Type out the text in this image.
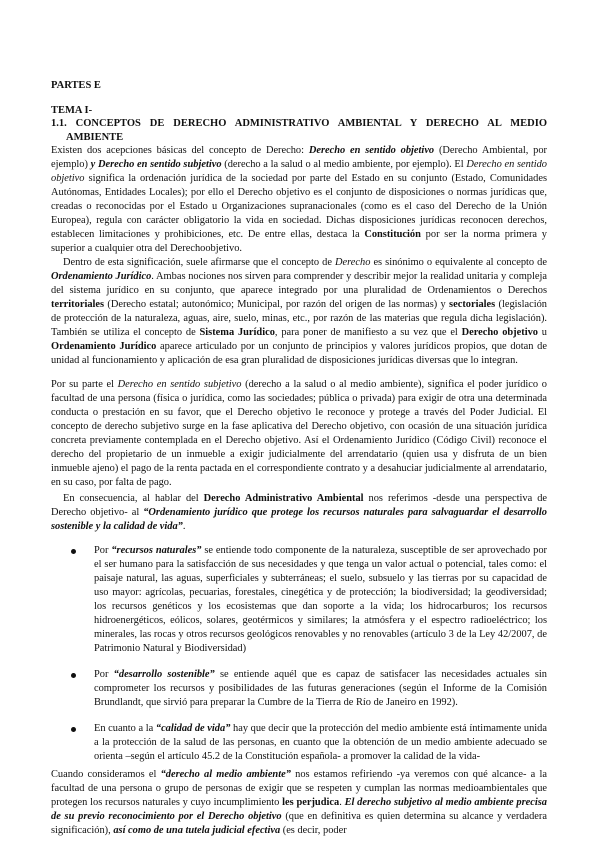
PARTES E
TEMA I-
1.1. CONCEPTOS DE DERECHO ADMINISTRATIVO AMBIENTAL Y DERECHO AL MEDIO AMBIENTE

Existen dos acepciones básicas del concepto de Derecho: Derecho en sentido objetivo (Derecho Ambiental, por ejemplo) y Derecho en sentido subjetivo (derecho a la salud o al medio ambiente, por ejemplo). El Derecho en sentido objetivo significa la ordenación jurídica de la sociedad por parte del Estado en su conjunto (Estado, Comunidades Autónomas, Entidades Locales); por ello el Derecho objetivo es el conjunto de disposiciones o normas jurídicas que, creadas o reconocidas por el Estado u Organizaciones supranacionales (como es el caso del Derecho de la Unión Europea), regula con carácter obligatorio la vida en sociedad. Dichas disposiciones jurídicas reconocen derechos, establecen limitaciones y prohibiciones, etc. De entre ellas, destaca la Constitución por ser la norma primera y superior a cualquier otra del Derechoobjetivo.

Dentro de esta significación, suele afirmarse que el concepto de Derecho es sinónimo o equivalente al concepto de Ordenamiento Jurídico. Ambas nociones nos sirven para comprender y describir mejor la realidad unitaria y compleja del sistema jurídico en su conjunto, que aparece integrado por una pluralidad de Ordenamientos o Derechos territoriales (Derecho estatal; autonómico; Municipal, por razón del origen de las normas) y sectoriales (legislación de protección de la naturaleza, aguas, aire, suelo, minas, etc., por razón de las materias que regula dicha legislación). También se utiliza el concepto de Sistema Jurídico, para poner de manifiesto a su vez que el Derecho objetivo u Ordenamiento Jurídico aparece articulado por un conjunto de principios y valores jurídicos propios, que dotan de unidad al funcionamiento y aplicación de esa gran pluralidad de disposiciones jurídicas diversas que lo integran.

Por su parte el Derecho en sentido subjetivo (derecho a la salud o al medio ambiente), significa el poder jurídico o facultad de una persona (física o jurídica, como las sociedades; pública o privada) para exigir de otra una determinada conducta o prestación en su favor, que el Derecho objetivo le reconoce y protege a través del Poder Judicial. El concepto de derecho subjetivo surge en la fase aplicativa del Derecho objetivo, con ocasión de una situación jurídica concreta previamente contemplada en el Derecho objetivo. Así el Ordenamiento Jurídico (Código Civil) reconoce el derecho del propietario de un inmueble a exigir judicialmente del arrendatario (quien usa y disfruta de un bien inmueble ajeno) el pago de la renta pactada en el correspondiente contrato y a desahuciar judicialmente al arrendatario, en su caso, por falta de pago.

En consecuencia, al hablar del Derecho Administrativo Ambiental nos referimos -desde una perspectiva de Derecho objetivo- al “Ordenamiento jurídico que protege los recursos naturales para salvaguardar el desarrollo sostenible y la calidad de vida”.

Por “recursos naturales” se entiende todo componente de la naturaleza, susceptible de ser aprovechado por el ser humano para la satisfacción de sus necesidades y que tenga un valor actual o potencial, tales como: el paisaje natural, las aguas, superficiales y subterráneas; el suelo, subsuelo y las tierras por su capacidad de uso mayor: agrícolas, pecuarias, forestales, cinegética y de protección; la biodiversidad; la geodiversidad; los recursos genéticos y los ecosistemas que dan soporte a la vida; los hidrocarburos; los recursos hidroenergéticos, eólicos, solares, geotérmicos y similares; la atmósfera y el espectro radioeléctrico; los minerales, las rocas y otros recursos geológicos renovables y no renovables (artículo 3 de la Ley 42/2007, de Patrimonio Natural y Biodiversidad)
Por “desarrollo sostenible” se entiende aquél que es capaz de satisfacer las necesidades actuales sin comprometer los recursos y posibilidades de las futuras generaciones (según el Informe de la Comisión Brundlandt, que sirvió para preparar la Cumbre de la Tierra de Río de Janeiro en 1992).
En cuanto a la “calidad de vida” hay que decir que la protección del medio ambiente está íntimamente unida a la protección de la salud de las personas, en cuanto que la obtención de un medio ambiente adecuado se orienta –según el artículo 45.2 de la Constitución española- a promover la calidad de la vida-

Cuando consideramos el “derecho al medio ambiente” nos estamos refiriendo -ya veremos con qué alcance- a la facultad de una persona o grupo de personas de exigir que se respeten y cumplan las normas medioambientales que protegen los recursos naturales y cuyo incumplimiento les perjudica. El derecho subjetivo al medio ambiente precisa de su previo reconocimiento por el Derecho objetivo (que en definitiva es quien determina su alcance y verdadera significación), así como de una tutela judicial efectiva (es decir, poder
